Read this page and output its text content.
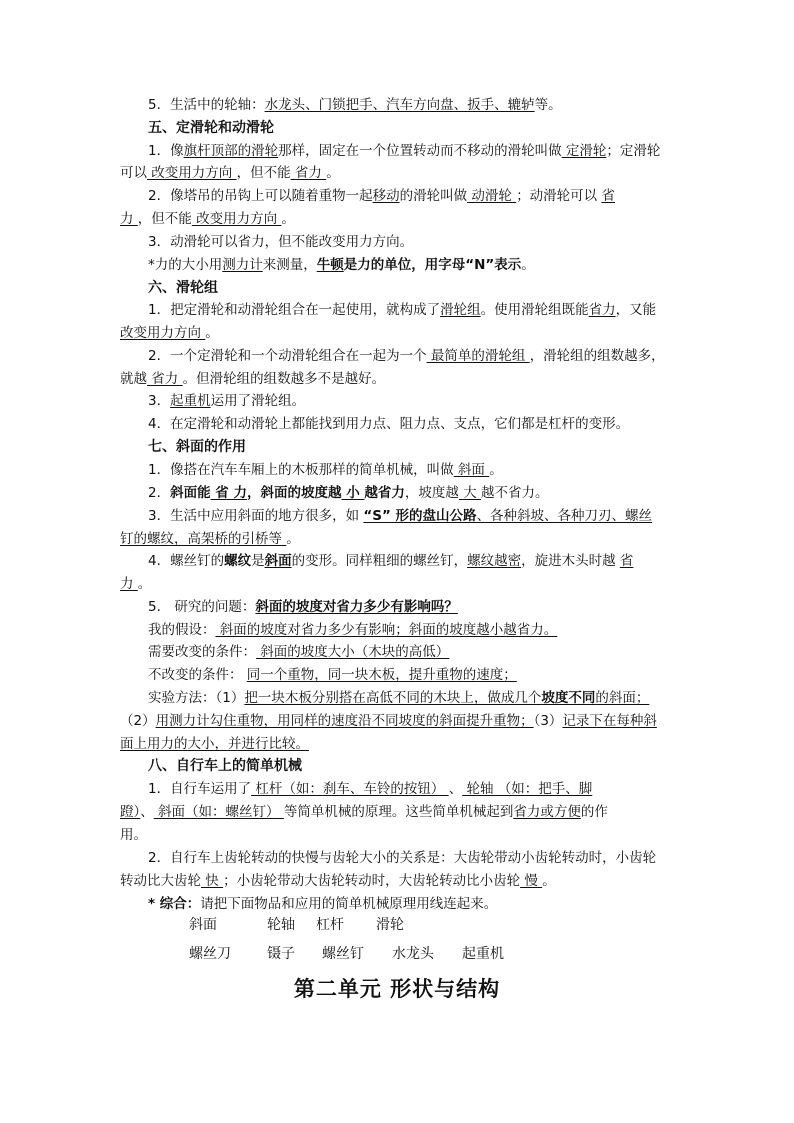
5．生活中的轮轴：水龙头、门锁把手、汽车方向盘、扳手、辘轳等。
五、定滑轮和动滑轮
1．像旗杆顶部的滑轮那样，固定在一个位置转动而不移动的滑轮叫做 定滑轮；定滑轮
可以 改变用力方向 ，但不能 省力 。
2．像塔吊的吊钩上可以随着重物一起移动的滑轮叫做 动滑轮 ；动滑轮可以 省
力 ，但不能 改变用力方向 。
3．动滑轮可以省力，但不能改变用力方向。
*力的大小用测力计来测量，牛顿是力的单位，用字母“N”表示。
六、滑轮组
1．把定滑轮和动滑轮组合在一起使用，就构成了滑轮组。使用滑轮组既能省力，又能
改变用力方向 。
2．一个定滑轮和一个动滑轮组合在一起为一个 最简单的滑轮组 ，滑轮组的组数越多，
就越 省力 。但滑轮组的组数越多不是越好。
3．起重机运用了滑轮组。
4．在定滑轮和动滑轮上都能找到用力点、阻力点、支点，它们都是杠杆的变形。
七、斜面的作用
1．像搭在汽车车厢上的木板那样的简单机械，叫做 斜面 。
2．斜面能 省 力，斜面的坡度越 小 越省力，坡度越 大 越不省力。
3．生活中应用斜面的地方很多，如 “S” 形的盘山公路、各种斜坡、各种刀刃、螺丝
钉的螺纹，高架桥的引桥等 。
4．螺丝钉的螺纹是斜面的变形。同样粗细的螺丝钉，螺纹越密，旋进木头时越 省
力 。
5． 研究的问题：斜面的坡度对省力多少有影响吗？
我的假设： 斜面的坡度对省力多少有影响；斜面的坡度越小越省力。
需要改变的条件： 斜面的坡度大小（木块的高低）
不改变的条件： 同一个重物，同一块木板，提升重物的速度；
实验方法：（1）把一块木板分别搭在高低不同的木块上，做成几个坡度不同的斜面；
（2）用测力计勾住重物，用同样的速度沿不同坡度的斜面提升重物；（3）记录下在每种斜
面上用力的大小，并进行比较。
八、自行车上的简单机械
1．自行车运用了 杠杆（如：刹车、车铃的按钮） 、 轮轴 （如：把手、脚
蹬）、 斜面（如：螺丝钉） 等简单机械的原理。这些简单机械起到省力或方便的作
用。
2．自行车上齿轮转动的快慢与齿轮大小的关系是：大齿轮带动小齿轮转动时，小齿轮
转动比大齿轮 快 ；小齿轮带动大齿轮转动时，大齿轮转动比小齿轮 慢 。
* 综合：请把下面物品和应用的简单机械原理用线连起来。
斜面	轮轴 杠杆 滑轮
螺丝刀	镊子 螺丝钉 水龙头 起重机
第二单元 形状与结构
